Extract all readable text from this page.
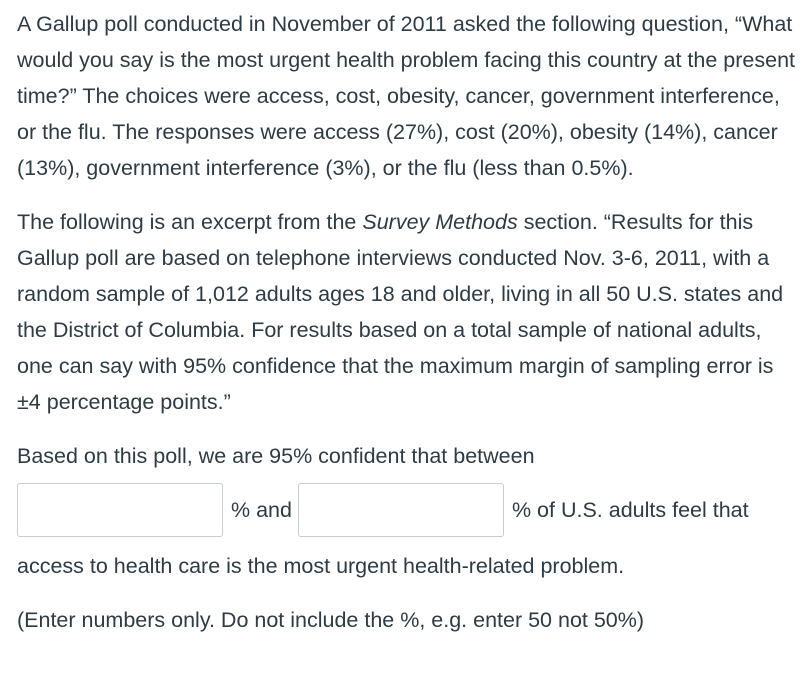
A Gallup poll conducted in November of 2011 asked the following question, “What would you say is the most urgent health problem facing this country at the present time?” The choices were access, cost, obesity, cancer, government interference, or the flu. The responses were access (27%), cost (20%), obesity (14%), cancer (13%), government interference (3%), or the flu (less than 0.5%).

The following is an excerpt from the Survey Methods section. “Results for this Gallup poll are based on telephone interviews conducted Nov. 3-6, 2011, with a random sample of 1,012 adults ages 18 and older, living in all 50 U.S. states and the District of Columbia. For results based on a total sample of national adults, one can say with 95% confidence that the maximum margin of sampling error is ±4 percentage points.”

Based on this poll, we are 95% confident that between

% and	% of U.S. adults feel that

access to health care is the most urgent health-related problem.

(Enter numbers only. Do not include the %, e.g. enter 50 not 50%)
